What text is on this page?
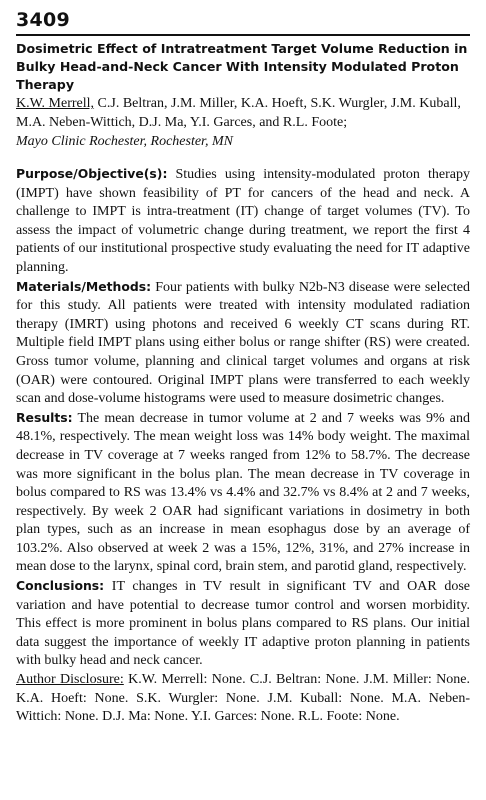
3409
Dosimetric Effect of Intratreatment Target Volume Reduction in Bulky Head-and-Neck Cancer With Intensity Modulated Proton Therapy
K.W. Merrell, C.J. Beltran, J.M. Miller, K.A. Hoeft, S.K. Wurgler, J.M. Kuball, M.A. Neben-Wittich, D.J. Ma, Y.I. Garces, and R.L. Foote;
Mayo Clinic Rochester, Rochester, MN

Purpose/Objective(s): Studies using intensity-modulated proton therapy (IMPT) have shown feasibility of PT for cancers of the head and neck. A challenge to IMPT is intra-treatment (IT) change of target volumes (TV). To assess the impact of volumetric change during treatment, we report the first 4 patients of our institutional prospective study evaluating the need for IT adaptive planning.

Materials/Methods: Four patients with bulky N2b-N3 disease were selected for this study. All patients were treated with intensity modulated radiation therapy (IMRT) using photons and received 6 weekly CT scans during RT. Multiple field IMPT plans using either bolus or range shifter (RS) were created. Gross tumor volume, planning and clinical target volumes and organs at risk (OAR) were contoured. Original IMPT plans were transferred to each weekly scan and dose-volume histograms were used to measure dosimetric changes.

Results: The mean decrease in tumor volume at 2 and 7 weeks was 9% and 48.1%, respectively. The mean weight loss was 14% body weight. The maximal decrease in TV coverage at 7 weeks ranged from 12% to 58.7%. The decrease was more significant in the bolus plan. The mean decrease in TV coverage in bolus compared to RS was 13.4% vs 4.4% and 32.7% vs 8.4% at 2 and 7 weeks, respectively. By week 2 OAR had significant variations in dosimetry in both plan types, such as an increase in mean esophagus dose by an average of 103.2%. Also observed at week 2 was a 15%, 12%, 31%, and 27% increase in mean dose to the larynx, spinal cord, brain stem, and parotid gland, respectively.

Conclusions: IT changes in TV result in significant TV and OAR dose variation and have potential to decrease tumor control and worsen morbidity. This effect is more prominent in bolus plans compared to RS plans. Our initial data suggest the importance of weekly IT adaptive proton planning in patients with bulky head and neck cancer.

Author Disclosure: K.W. Merrell: None. C.J. Beltran: None. J.M. Miller: None. K.A. Hoeft: None. S.K. Wurgler: None. J.M. Kuball: None. M.A. Neben-Wittich: None. D.J. Ma: None. Y.I. Garces: None. R.L. Foote: None.
